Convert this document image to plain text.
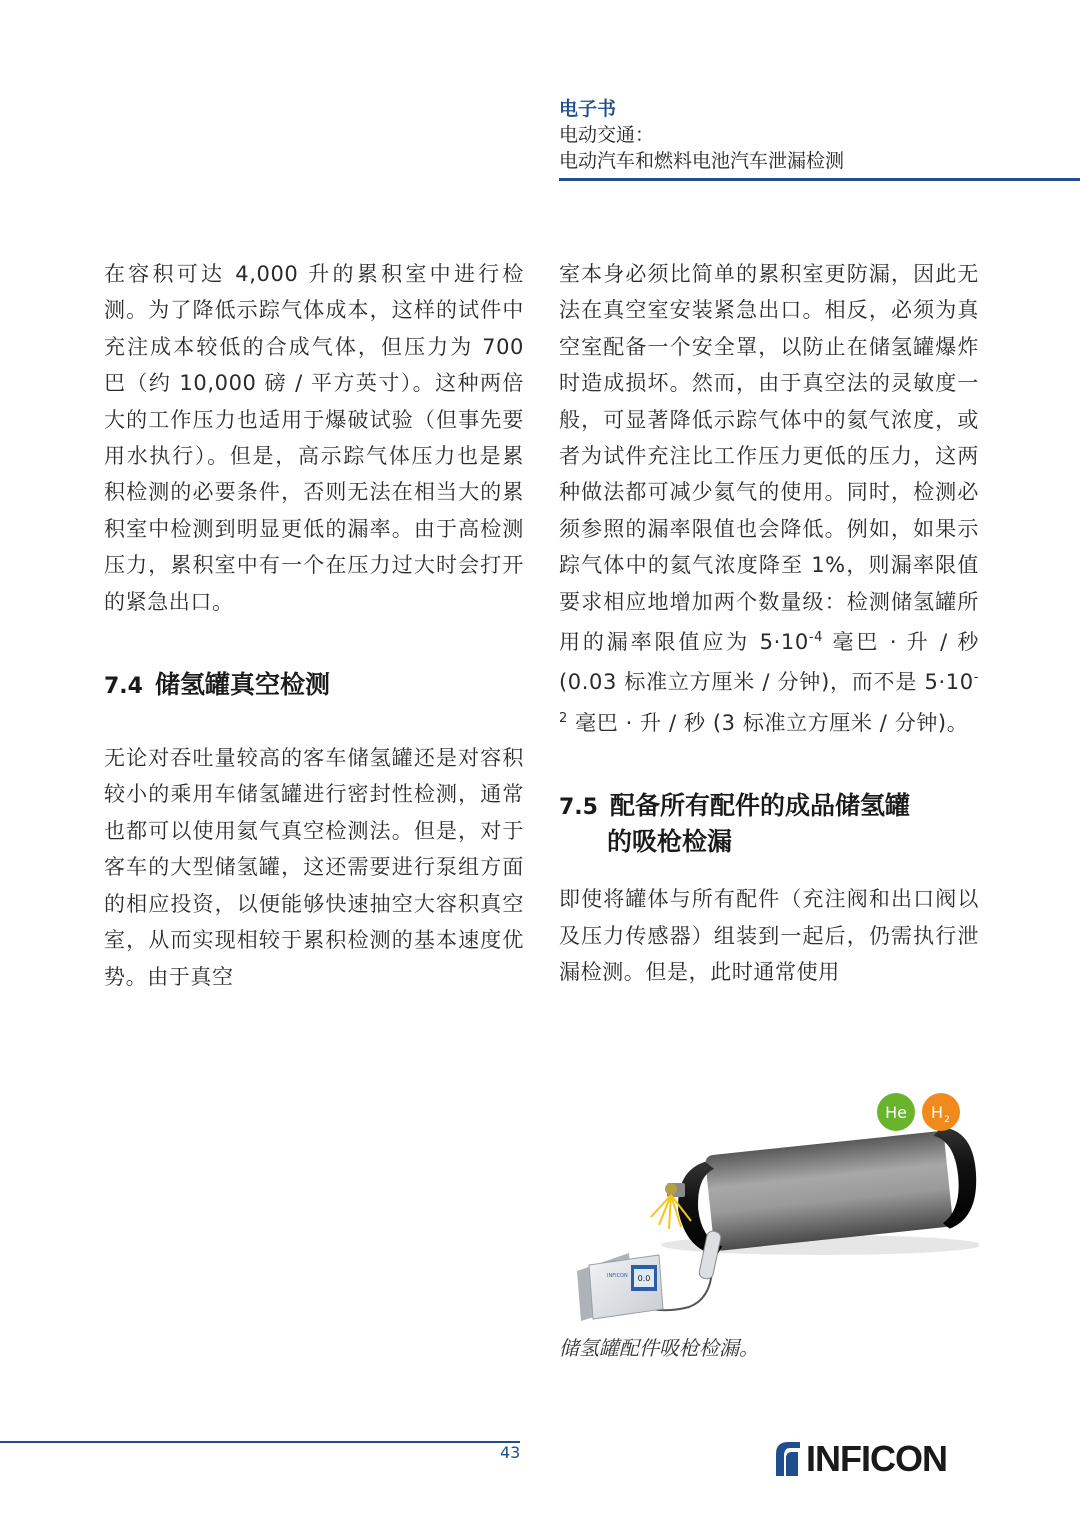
电子书
电动交通：
电动汽车和燃料电池汽车泄漏检测

在容积可达 4,000 升的累积室中进行检测。为了降低示踪气体成本，这样的试件中充注成本较低的合成气体，但压力为 700 巴（约 10,000 磅 / 平方英寸）。这种两倍大的工作压力也适用于爆破试验（但事先要用水执行）。但是，高示踪气体压力也是累积检测的必要条件，否则无法在相当大的累积室中检测到明显更低的漏率。由于高检测压力，累积室中有一个在压力过大时会打开的紧急出口。

7.4 储氢罐真空检测

无论对吞吐量较高的客车储氢罐还是对容积较小的乘用车储氢罐进行密封性检测，通常也都可以使用氦气真空检测法。但是，对于客车的大型储氢罐，这还需要进行泵组方面的相应投资，以便能够快速抽空大容积真空室，从而实现相较于累积检测的基本速度优势。由于真空

室本身必须比简单的累积室更防漏，因此无法在真空室安装紧急出口。相反，必须为真空室配备一个安全罩，以防止在储氢罐爆炸时造成损坏。然而，由于真空法的灵敏度一般，可显著降低示踪气体中的氦气浓度，或者为试件充注比工作压力更低的压力，这两种做法都可减少氦气的使用。同时，检测必须参照的漏率限值也会降低。例如，如果示踪气体中的氦气浓度降至 1%，则漏率限值要求相应地增加两个数量级：检测储氢罐所用的漏率限值应为 $5\cdot 10^{-4}$ 毫巴 · 升 / 秒 (0.03 标准立方厘米 / 分钟)，而不是 $5\cdot 10^{-2}$ 毫巴 · 升 / 秒 (3 标准立方厘米 / 分钟)。

7.5 配备所有配件的成品储氢罐
的吸枪检漏

即使将罐体与所有配件（充注阀和出口阀以及压力传感器）组装到一起后，仍需执行泄漏检测。但是，此时通常使用

0.0
INFICON
He H 2
储氢罐配件吸枪检漏。
43	INFICON
